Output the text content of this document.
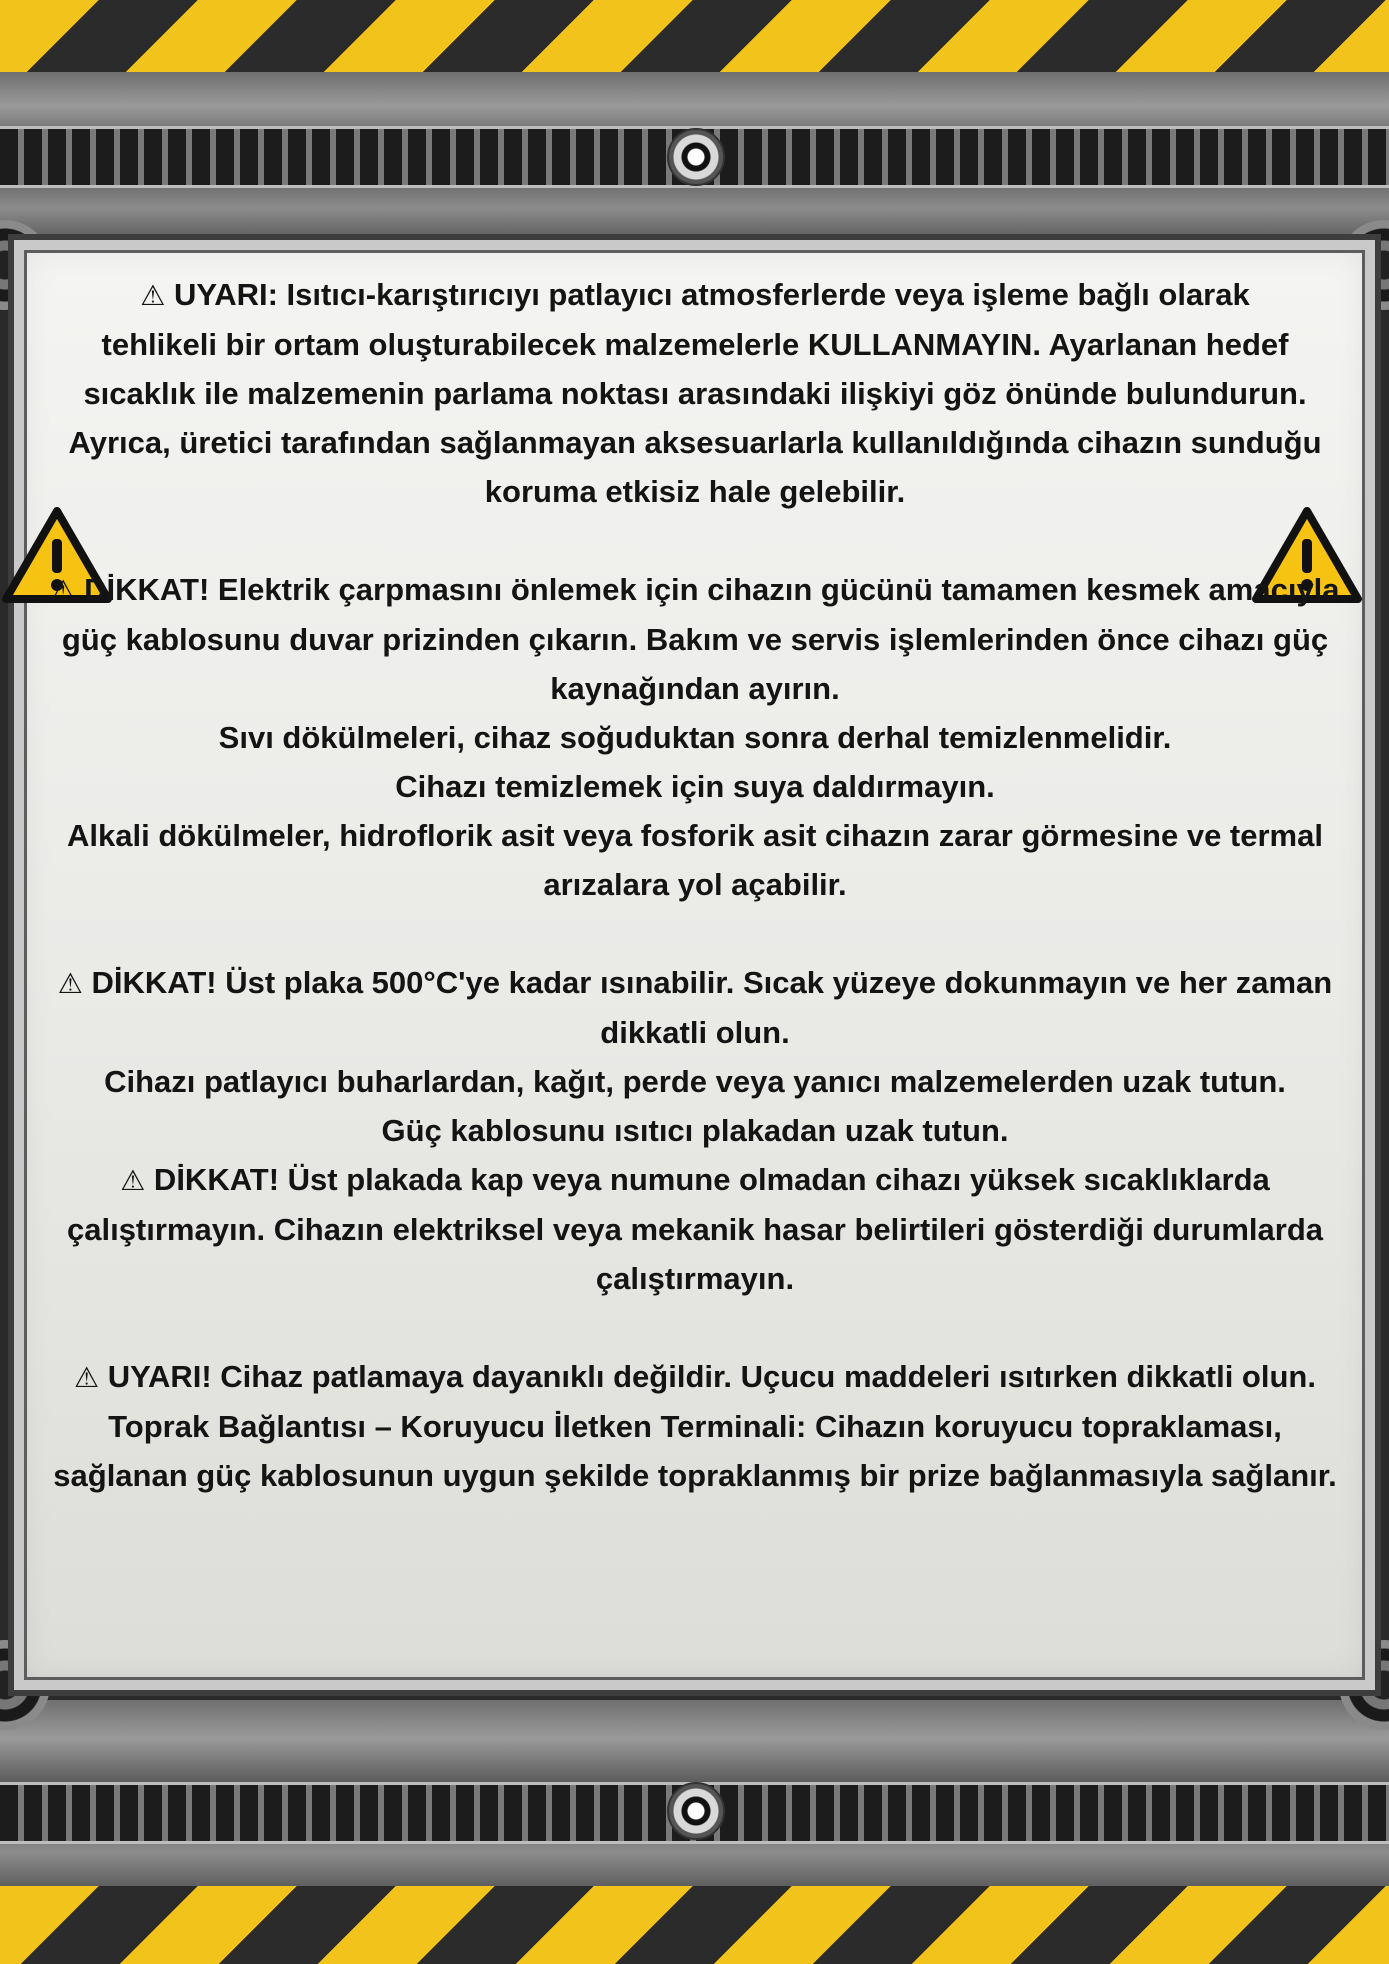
⚠ UYARI: Isıtıcı-karıştırıcıyı patlayıcı atmosferlerde veya işleme bağlı olarak

tehlikeli bir ortam oluşturabilecek malzemelerle KULLANMAYIN. Ayarlanan hedef sıcaklık ile malzemenin parlama noktası arasındaki ilişkiyi göz önünde bulundurun. Ayrıca, üretici tarafından sağlanmayan aksesuarlarla kullanıldığında cihazın sunduğu koruma etkisiz hale gelebilir.

⚠ DİKKAT! Elektrik çarpmasını önlemek için cihazın gücünü tamamen kesmek amacıyla güç kablosunu duvar prizinden çıkarın. Bakım ve servis işlemlerinden önce cihazı güç kaynağından ayırın.

Sıvı dökülmeleri, cihaz soğuduktan sonra derhal temizlenmelidir.

Cihazı temizlemek için suya daldırmayın.

Alkali dökülmeler, hidroflorik asit veya fosforik asit cihazın zarar görmesine ve termal arızalara yol açabilir.

⚠ DİKKAT! Üst plaka 500°C'ye kadar ısınabilir. Sıcak yüzeye dokunmayın ve her zaman dikkatli olun.

Cihazı patlayıcı buharlardan, kağıt, perde veya yanıcı malzemelerden uzak tutun.

Güç kablosunu ısıtıcı plakadan uzak tutun.

⚠ DİKKAT! Üst plakada kap veya numune olmadan cihazı yüksek sıcaklıklarda çalıştırmayın. Cihazın elektriksel veya mekanik hasar belirtileri gösterdiği durumlarda çalıştırmayın.

⚠ UYARI! Cihaz patlamaya dayanıklı değildir. Uçucu maddeleri ısıtırken dikkatli olun.

Toprak Bağlantısı – Koruyucu İletken Terminali: Cihazın koruyucu topraklaması, sağlanan güç kablosunun uygun şekilde topraklanmış bir prize bağlanmasıyla sağlanır.
